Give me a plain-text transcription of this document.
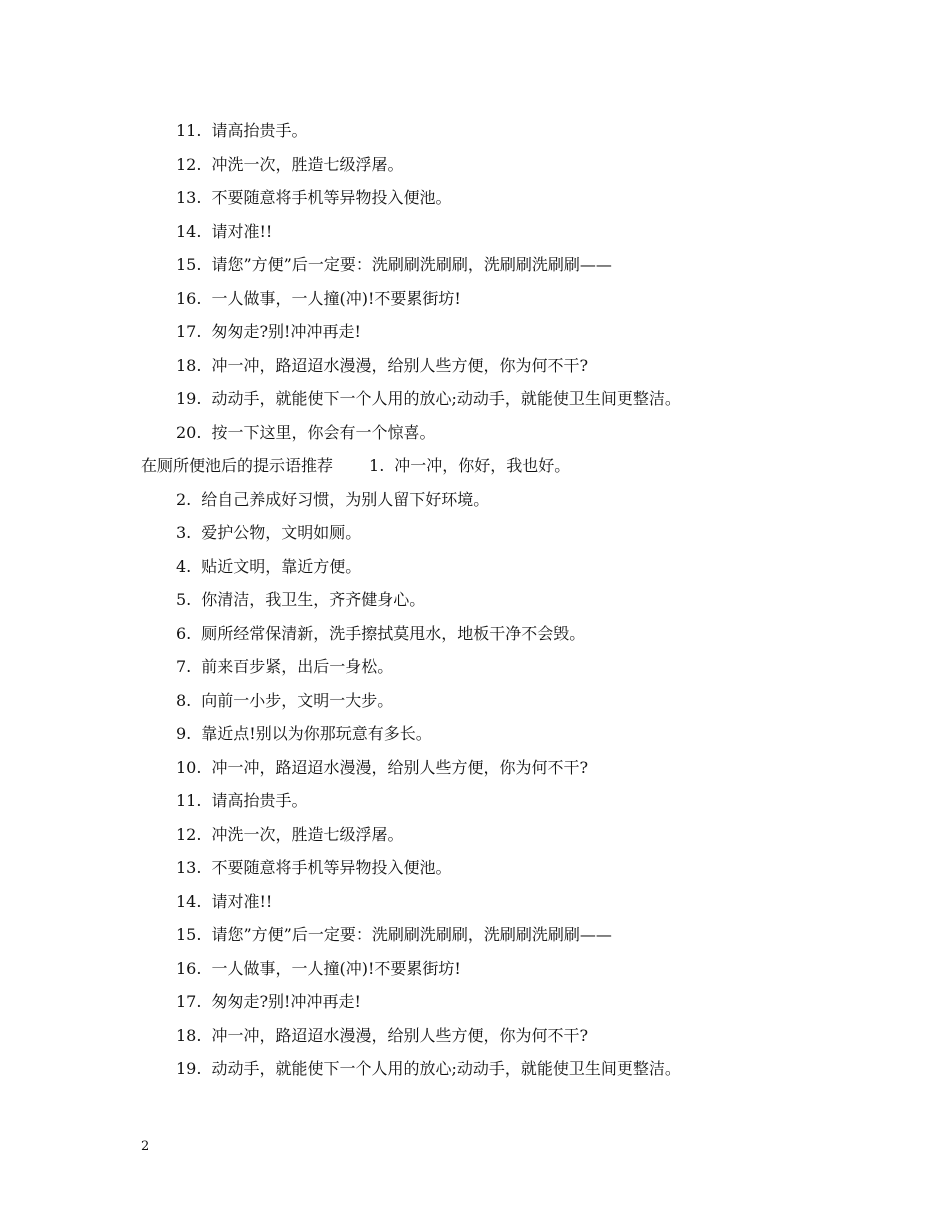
11. 请高抬贵手。
12. 冲洗一次，胜造七级浮屠。
13. 不要随意将手机等异物投入便池。
14. 请对准!!
15. 请您”方便”后一定要：洗刷刷洗刷刷，洗刷刷洗刷刷——
16. 一人做事，一人撞(冲)!不要累街坊!
17. 匆匆走?别!冲冲再走!
18. 冲一冲，路迢迢水漫漫，给别人些方便，你为何不干?
19. 动动手，就能使下一个人用的放心;动动手，就能使卫生间更整洁。
20. 按一下这里，你会有一个惊喜。
在厕所便池后的提示语推荐 1. 冲一冲，你好，我也好。
2. 给自己养成好习惯，为别人留下好环境。
3. 爱护公物，文明如厕。
4. 贴近文明，靠近方便。
5. 你清洁，我卫生，齐齐健身心。
6. 厕所经常保清新，洗手擦拭莫甩水，地板干净不会毁。
7. 前来百步紧，出后一身松。
8. 向前一小步，文明一大步。
9. 靠近点!别以为你那玩意有多长。
10. 冲一冲，路迢迢水漫漫，给别人些方便，你为何不干?
11. 请高抬贵手。
12. 冲洗一次，胜造七级浮屠。
13. 不要随意将手机等异物投入便池。
14. 请对准!!
15. 请您”方便”后一定要：洗刷刷洗刷刷，洗刷刷洗刷刷——
16. 一人做事，一人撞(冲)!不要累街坊!
17. 匆匆走?别!冲冲再走!
18. 冲一冲，路迢迢水漫漫，给别人些方便，你为何不干?
19. 动动手，就能使下一个人用的放心;动动手，就能使卫生间更整洁。
2
